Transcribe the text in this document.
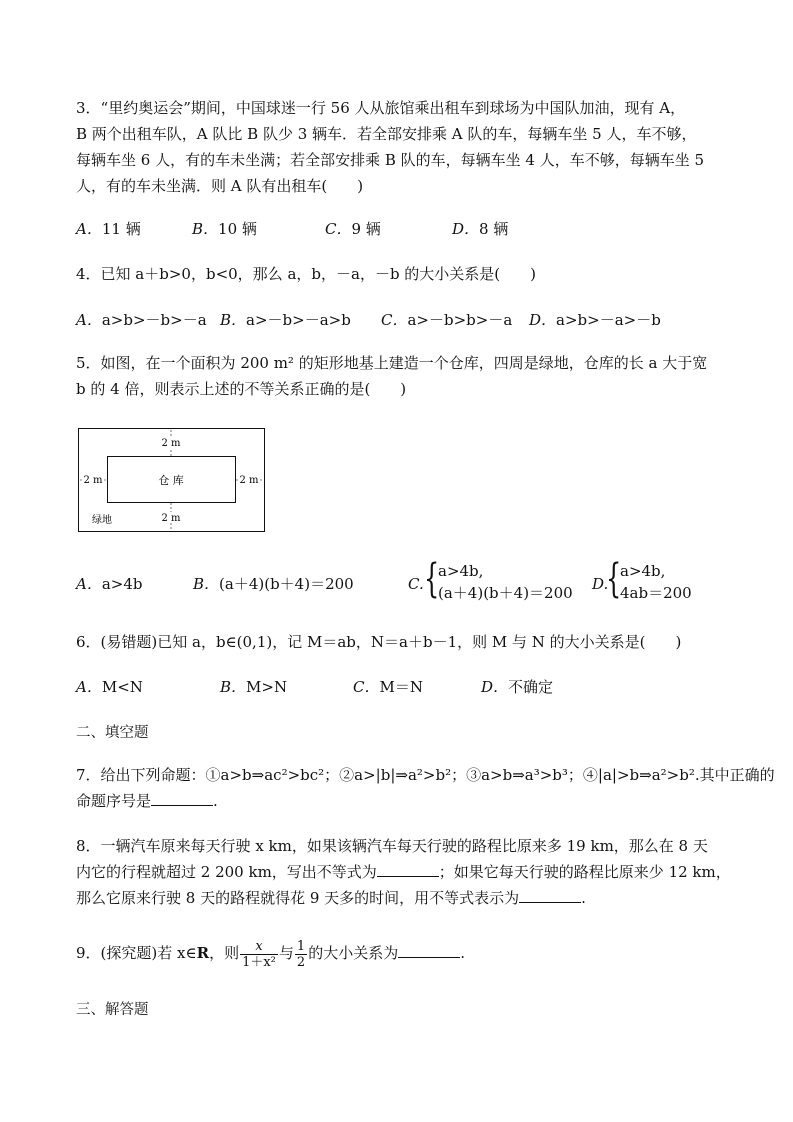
3．“里约奥运会”期间，中国球迷一行 56 人从旅馆乘出租车到球场为中国队加油，现有 A，
B 两个出租车队，A 队比 B 队少 3 辆车．若全部安排乘 A 队的车，每辆车坐 5 人，车不够，
每辆车坐 6 人，有的车未坐满；若全部安排乘 B 队的车，每辆车坐 4 人，车不够，每辆车坐 5
人，有的车未坐满．则 A 队有出租车(　　)
A．11 辆	B．10 辆	C．9 辆	D．8 辆
4．已知 a＋b>0，b<0，那么 a，b，－a，－b 的大小关系是(　　)
A．a>b>－b>－a B．a>－b>－a>b C．a>－b>b>－a D．a>b>－a>－b
5．如图，在一个面积为 200 m² 的矩形地基上建造一个仓库，四周是绿地，仓库的长 a 大于宽
b 的 4 倍，则表示上述的不等关系正确的是(　　)
2 m
2 m	2 m
2 m
仓 库
绿地
A．a>4b	B．(a＋4)(b＋4)＝200	C. {
a>4b,
(a＋4)(b＋4)＝200 D.
{
a>4b,
4ab＝200
6．(易错题)已知 a，b∈(0,1)，记 M＝ab，N＝a＋b－1，则 M 与 N 的大小关系是(　　)
A．M<N	B．M>N	C．M＝N	D．不确定
二、填空题
7．给出下列命题：①a>b⇒ac²>bc²；②a>|b|⇒a²>b²；③a>b⇒a³>b³；④|a|>b⇒a²>b².其中正确的
命题序号是	.
8．一辆汽车原来每天行驶 x km，如果该辆汽车每天行驶的路程比原来多 19 km，那么在 8 天
内它的行程就超过 2 200 km，写出不等式为	；如果它每天行驶的路程比原来少 12 km，
那么它原来行驶 8 天的路程就得花 9 天多的时间，用不等式表示为	.
9．(探究题)若 x∈R，则 $\frac{x}{\text{1＋x²}}$ 与 $\frac{1}{2}$ 的大小关系为	.
三、解答题
